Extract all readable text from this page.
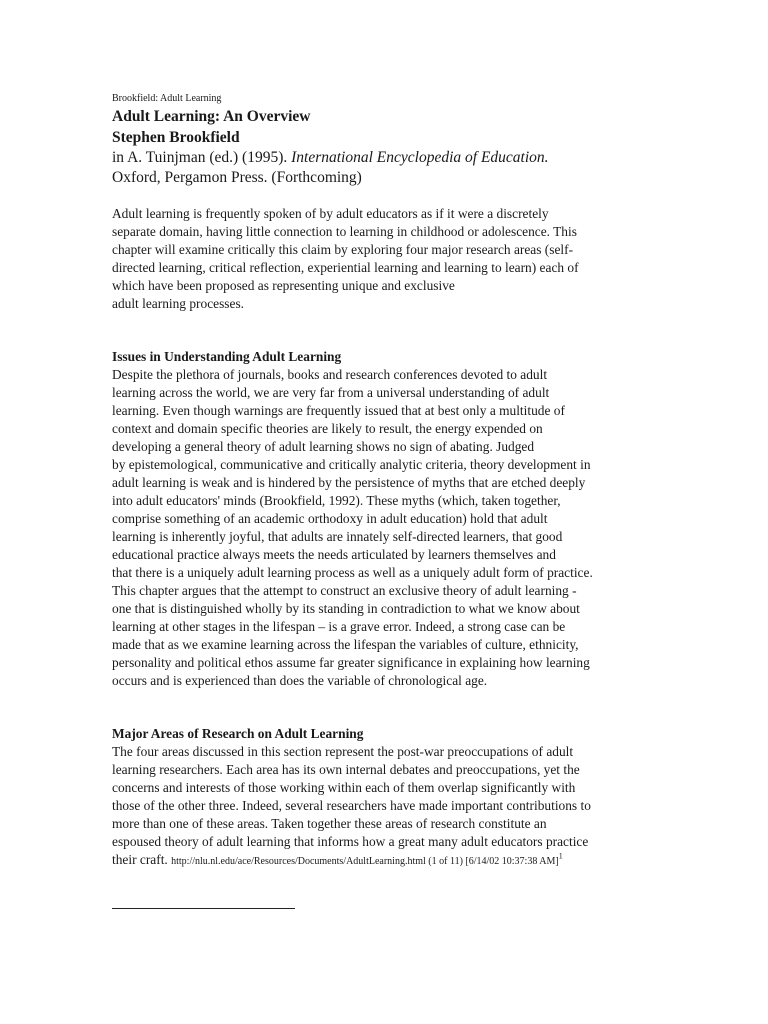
Brookfield: Adult Learning

Adult Learning: An Overview

Stephen Brookfield

in A. Tuinjman (ed.) (1995). International Encyclopedia of Education.

Oxford, Pergamon Press. (Forthcoming)

Adult learning is frequently spoken of by adult educators as if it were a discretely
separate domain, having little connection to learning in childhood or adolescence. This
chapter will examine critically this claim by exploring four major research areas (self-
directed learning, critical reflection, experiential learning and learning to learn) each of
which have been proposed as representing unique and exclusive
adult learning processes.

Issues in Understanding Adult Learning

Despite the plethora of journals, books and research conferences devoted to adult
learning across the world, we are very far from a universal understanding of adult
learning. Even though warnings are frequently issued that at best only a multitude of
context and domain specific theories are likely to result, the energy expended on
developing a general theory of adult learning shows no sign of abating. Judged
by epistemological, communicative and critically analytic criteria, theory development in
adult learning is weak and is hindered by the persistence of myths that are etched deeply
into adult educators' minds (Brookfield, 1992). These myths (which, taken together,
comprise something of an academic orthodoxy in adult education) hold that adult
learning is inherently joyful, that adults are innately self-directed learners, that good
educational practice always meets the needs articulated by learners themselves and
that there is a uniquely adult learning process as well as a uniquely adult form of practice.
This chapter argues that the attempt to construct an exclusive theory of adult learning -
one that is distinguished wholly by its standing in contradiction to what we know about
learning at other stages in the lifespan – is a grave error. Indeed, a strong case can be
made that as we examine learning across the lifespan the variables of culture, ethnicity,
personality and political ethos assume far greater significance in explaining how learning
occurs and is experienced than does the variable of chronological age.

Major Areas of Research on Adult Learning

The four areas discussed in this section represent the post-war preoccupations of adult
learning researchers. Each area has its own internal debates and preoccupations, yet the
concerns and interests of those working within each of them overlap significantly with
those of the other three. Indeed, several researchers have made important contributions to
more than one of these areas. Taken together these areas of research constitute an
espoused theory of adult learning that informs how a great many adult educators practice
their craft. http://nlu.nl.edu/ace/Resources/Documents/AdultLearning.html (1 of 11) [6/14/02 10:37:38 AM]$^1$
